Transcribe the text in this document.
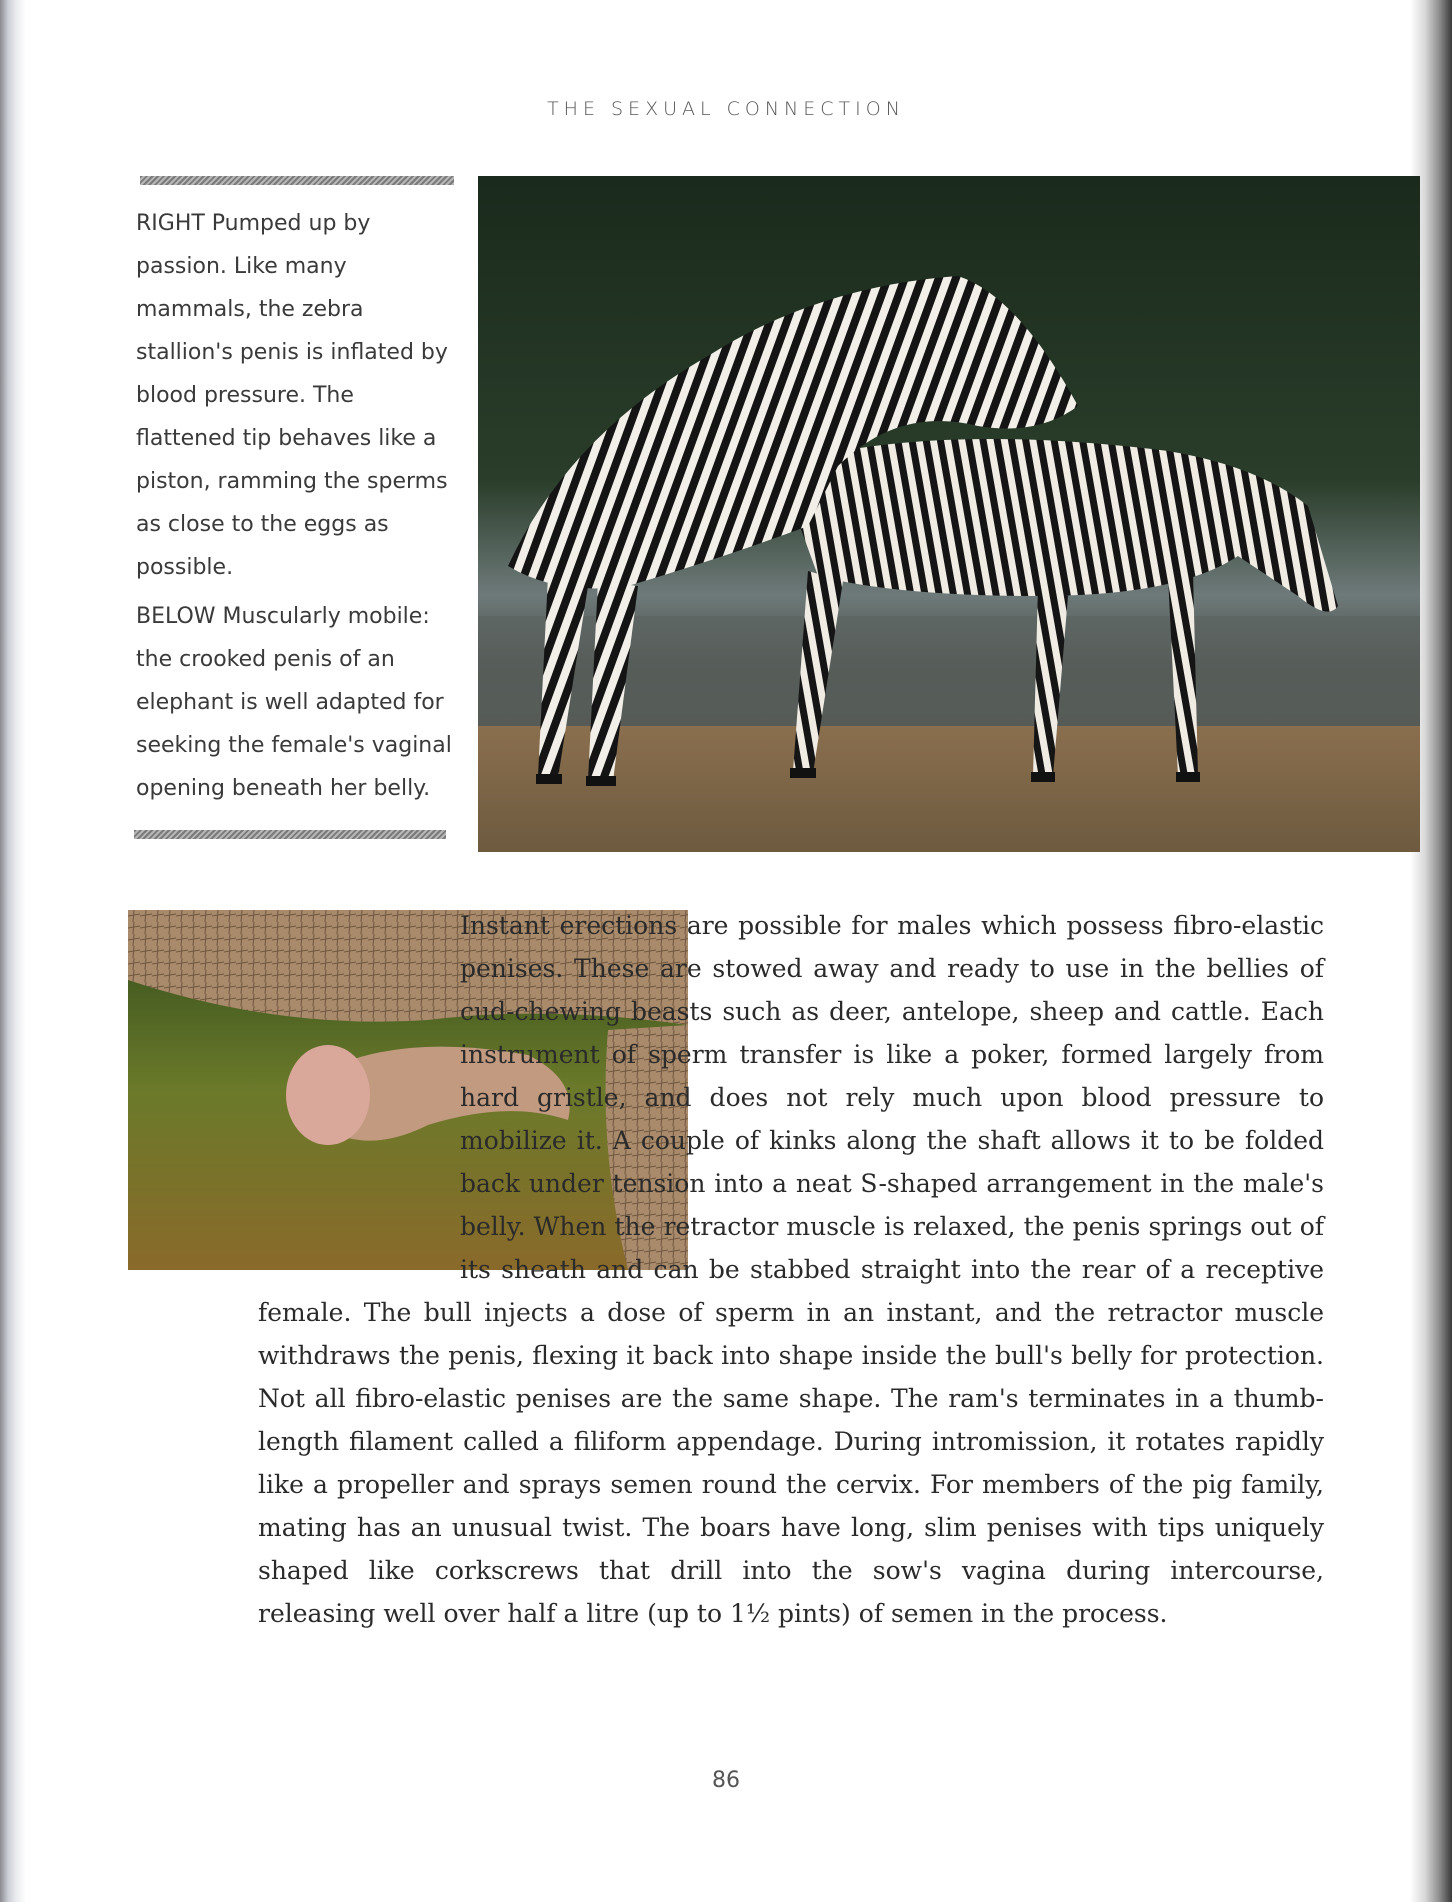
THE SEXUAL CONNECTION

RIGHT Pumped up by passion. Like many mammals, the zebra stallion's penis is inflated by blood pressure. The flattened tip behaves like a piston, ramming the sperms as close to the eggs as possible.

BELOW Muscularly mobile: the crooked penis of an elephant is well adapted for seeking the female's vaginal opening beneath her belly.

Instant erections are possible for males which possess fibro-elastic penises. These are stowed away and ready to use in the bellies of cud-chewing beasts such as deer, antelope, sheep and cattle. Each instrument of sperm transfer is like a poker, formed largely from hard gristle, and does not rely much upon blood pressure to mobilize it. A couple of kinks along the shaft allows it to be folded back under tension into a neat S-shaped arrangement in the male's belly. When the retractor muscle is relaxed, the penis springs out of its sheath and can be stabbed straight into the rear of a receptive female. The bull injects a dose of sperm in an instant, and the retractor muscle withdraws the penis, flexing it back into shape inside the bull's belly for protection. Not all fibro-elastic penises are the same shape. The ram's terminates in a thumb-length filament called a filiform appendage. During intromission, it rotates rapidly like a propeller and sprays semen round the cervix. For members of the pig family, mating has an unusual twist. The boars have long, slim penises with tips uniquely shaped like corkscrews that drill into the sow's vagina during intercourse, releasing well over half a litre (up to 1½ pints) of semen in the process.

86
